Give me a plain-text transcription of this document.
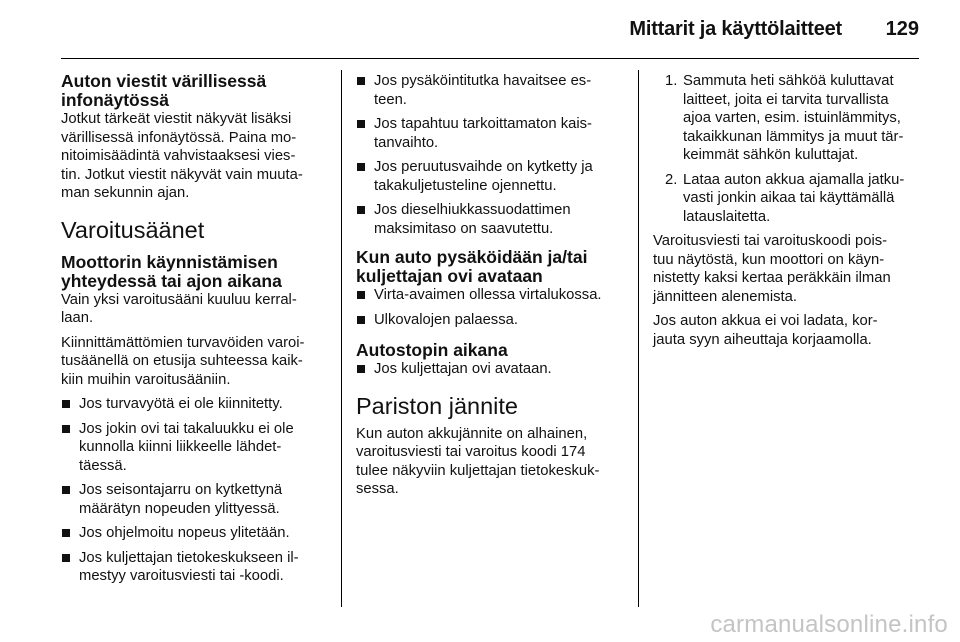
Mittarit ja käyttölaitteet 129
Auton viestit värillisessä
infonäytössä

Jotkut tärkeät viestit näkyvät lisäksi
värillisessä infonäytössä. Paina mo-
nitoimisäädintä vahvistaaksesi vies-
tin. Jotkut viestit näkyvät vain muuta-
man sekunnin ajan.

Varoitusäänet
Moottorin käynnistämisen
yhteydessä tai ajon aikana

Vain yksi varoitusääni kuuluu kerral-
laan.

Kiinnittämättömien turvavöiden varoi-
tusäänellä on etusija suhteessa kaik-
kiin muihin varoitusääniin.

Jos turvavyötä ei ole kiinnitetty.
Jos jokin ovi tai takaluukku ei ole
kunnolla kiinni liikkeelle lähdet-
täessä.
Jos seisontajarru on kytkettynä
määrätyn nopeuden ylittyessä.
Jos ohjelmoitu nopeus ylitetään.
Jos kuljettajan tietokeskukseen il-
mestyy varoitusviesti tai -koodi.
Jos pysäköintitutka havaitsee es-
teen.
Jos tapahtuu tarkoittamaton kais-
tanvaihto.
Jos peruutusvaihde on kytketty ja
takakuljetusteline ojennettu.
Jos dieselhiukkassuodattimen
maksimitaso on saavutettu.
Kun auto pysäköidään ja/tai
kuljettajan ovi avataan
Virta-avaimen ollessa virtalukossa.
Ulkovalojen palaessa.
Autostopin aikana
Jos kuljettajan ovi avataan.
Pariston jännite

Kun auton akkujännite on alhainen,
varoitusviesti tai varoitus koodi 174
tulee näkyviin kuljettajan tietokeskuk-
sessa.

1. Sammuta heti sähköä kuluttavat
laitteet, joita ei tarvita turvallista
ajoa varten, esim. istuinlämmitys,
takaikkunan lämmitys ja muut tär-
keimmät sähkön kuluttajat.
2. Lataa auton akkua ajamalla jatku-
vasti jonkin aikaa tai käyttämällä
latauslaitetta.

Varoitusviesti tai varoituskoodi pois-
tuu näytöstä, kun moottori on käyn-
nistetty kaksi kertaa peräkkäin ilman
jännitteen alenemista.

Jos auton akkua ei voi ladata, kor-
jauta syyn aiheuttaja korjaamolla.

carmanualsonline.info
